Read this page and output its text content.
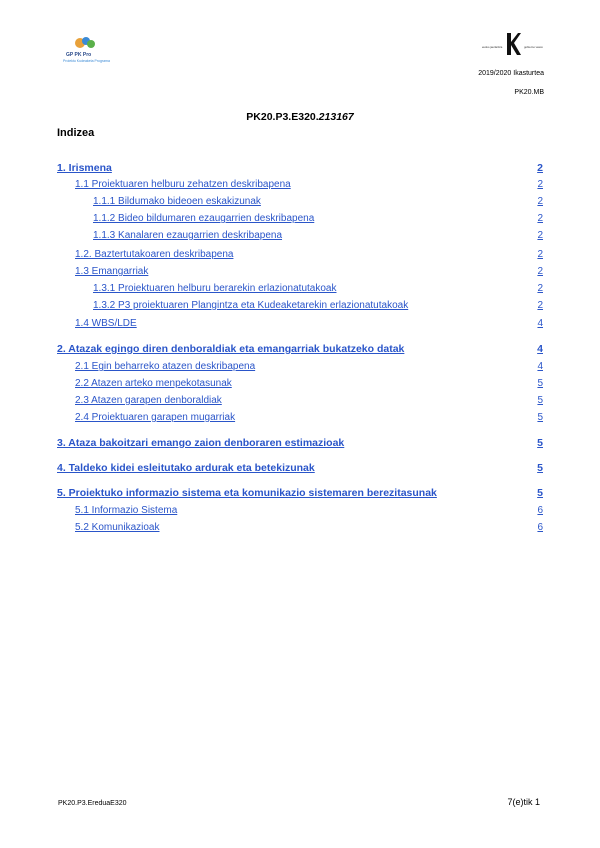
GP PK Pro
Proiektu Kudeaketa Programa
eusko jaurlaritza	gobierno vasco
2019/2020 Ikasturtea
PK20.MB
PK20.P3.E320.213167
Indizea
1. Irismena	2
1.1 Proiektuaren helburu zehatzen deskribapena	2
1.1.1 Bildumako bideoen eskakizunak	2
1.1.2 Bideo bildumaren ezaugarrien deskribapena	2
1.1.3 Kanalaren ezaugarrien deskribapena	2
1.2. Baztertutakoaren deskribapena	2
1.3 Emangarriak	2
1.3.1 Proiektuaren helburu berarekin erlazionatutakoak	2
1.3.2 P3 proiektuaren Plangintza eta Kudeaketarekin erlazionatutakoak	2
1.4 WBS/LDE	4
2. Atazak egingo diren denboraldiak eta emangarriak bukatzeko datak	4
2.1 Egin beharreko atazen deskribapena	4
2.2 Atazen arteko menpekotasunak	5
2.3 Atazen garapen denboraldiak	5
2.4 Proiektuaren garapen mugarriak	5
3. Ataza bakoitzari emango zaion denboraren estimazioak	5
4. Taldeko kidei esleitutako ardurak eta betekizunak	5
5. Proiektuko informazio sistema eta komunikazio sistemaren berezitasunak	5
5.1 Informazio Sistema	6
5.2 Komunikazioak	6
PK20.P3.EreduaE320	7(e)tik 1
